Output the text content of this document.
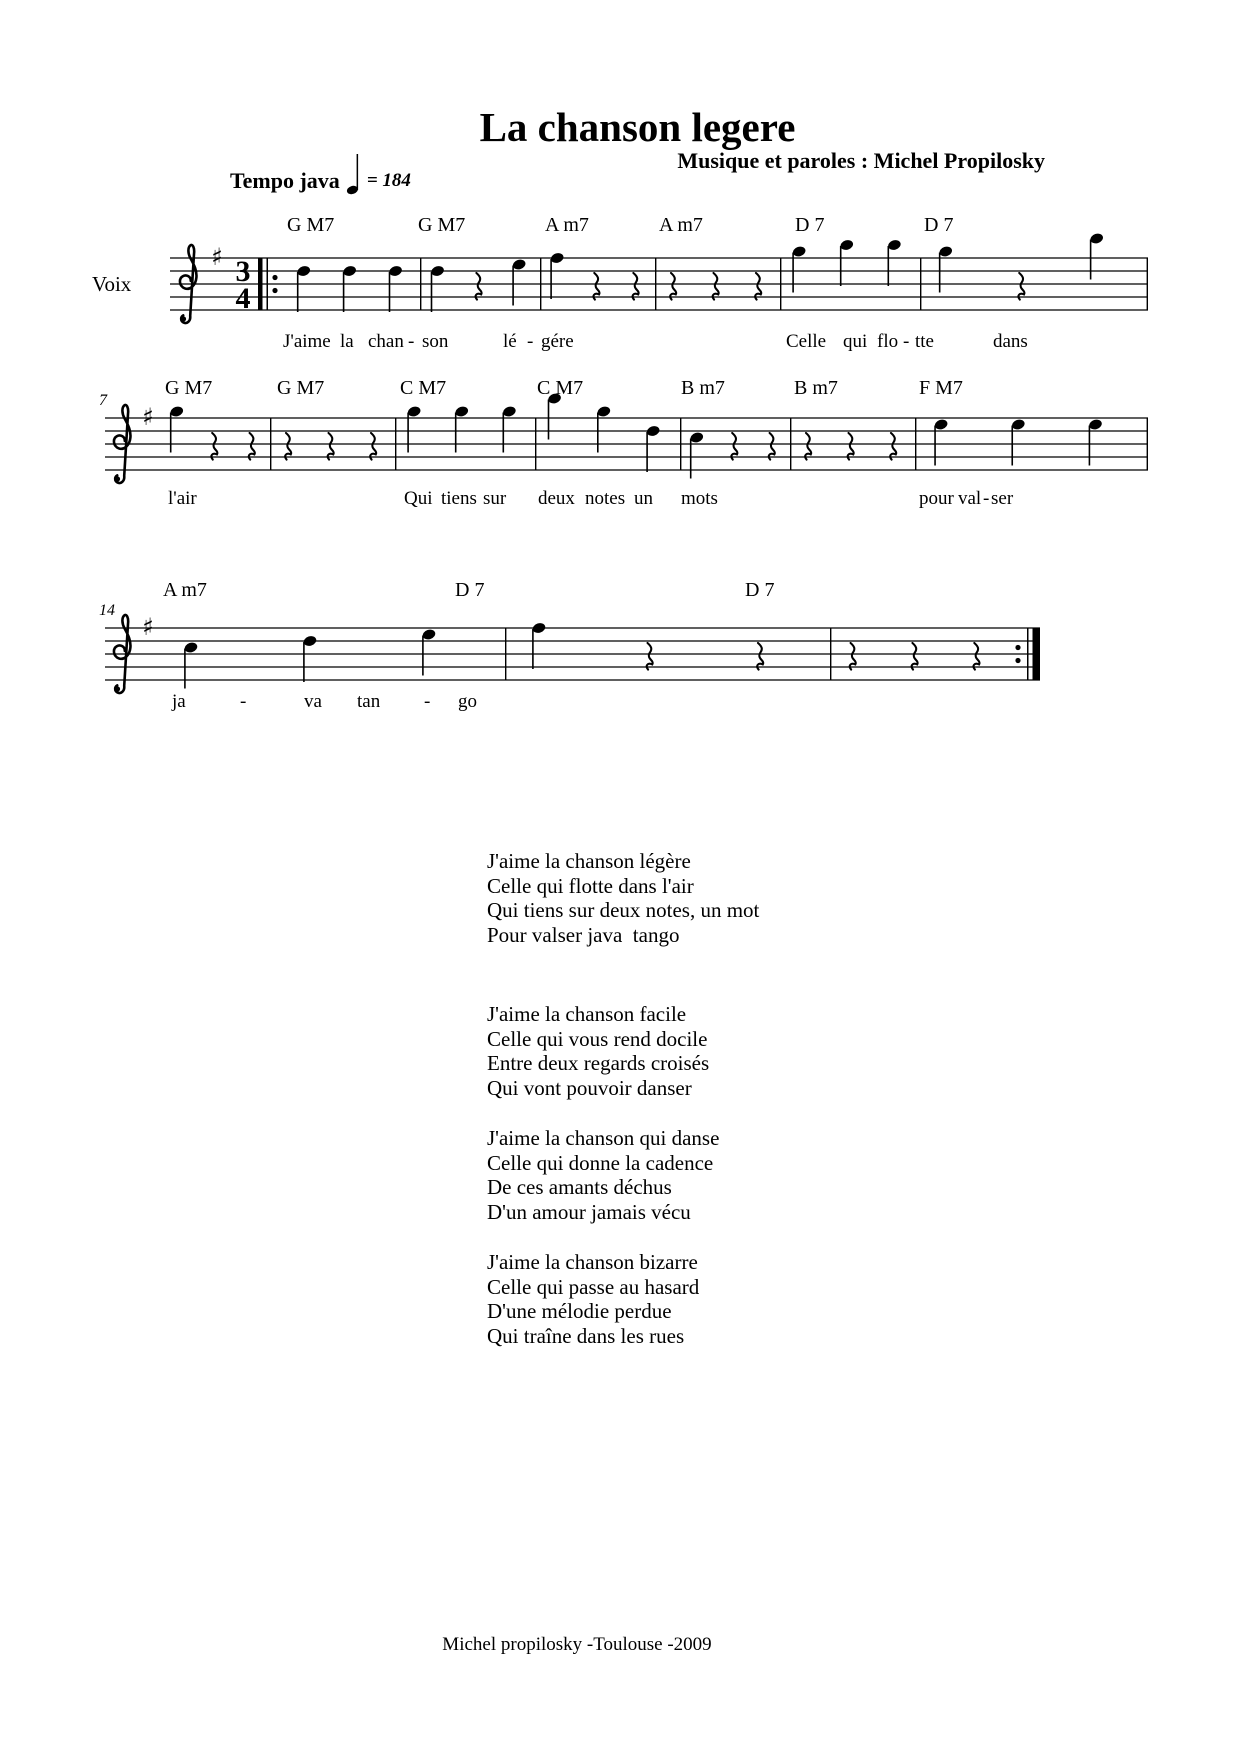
La chanson legere
Tempo java = 184
Musique et paroles : Michel Propilosky
Voix
♯ 3
4
♯
♯
G M7	G M7	A m7	A m7	D 7	D 7
J'aime la chan - son	lé - gére	Celle qui flo - tte	dans
7
G M7	G M7	C M7	C M7	B m7	B m7	F M7
l'air	Qui tiens sur deux notes un mots	pour val - ser
14
A m7	D 7	D 7
ja	-	va tan - go
J'aime la chanson légère
Celle qui flotte dans l'air
Qui tiens sur deux notes, un mot
Pour valser java  tango
J'aime la chanson facile
Celle qui vous rend docile
Entre deux regards croisés
Qui vont pouvoir danser
J'aime la chanson qui danse
Celle qui donne la cadence
De ces amants déchus
D'un amour jamais vécu
J'aime la chanson bizarre
Celle qui passe au hasard
D'une mélodie perdue
Qui traîne dans les rues
Michel propilosky -Toulouse -2009
